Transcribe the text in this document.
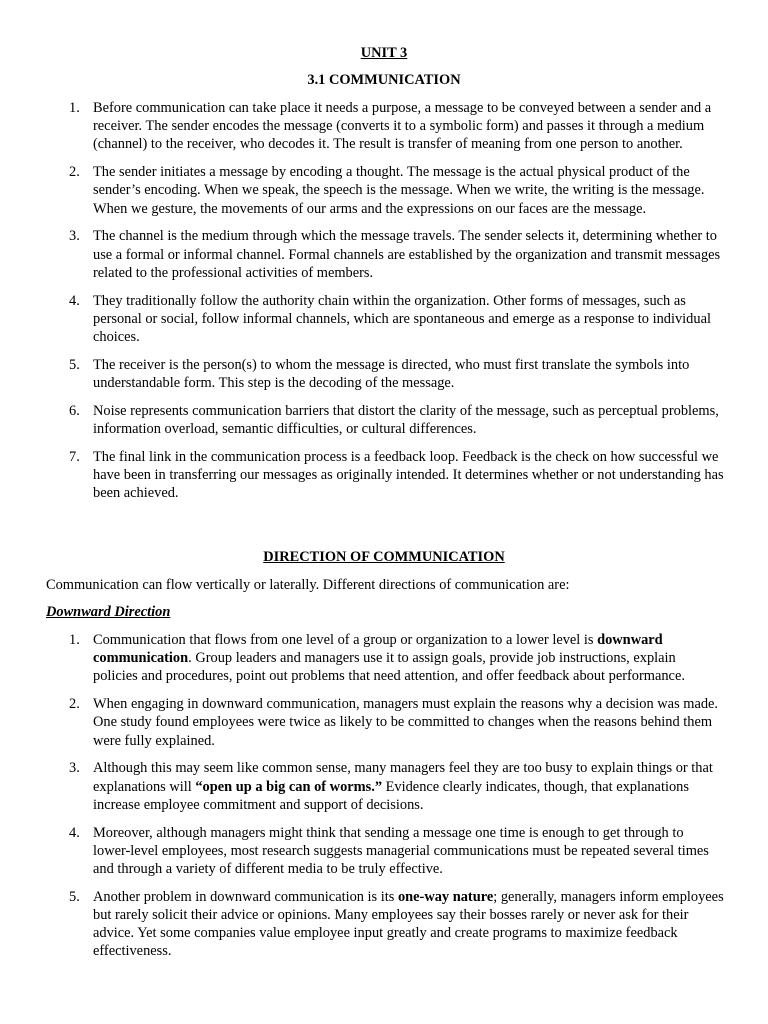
UNIT 3

3.1 COMMUNICATION

1. Before communication can take place it needs a purpose, a message to be conveyed between a sender and a receiver. The sender encodes the message (converts it to a symbolic form) and passes it through a medium (channel) to the receiver, who decodes it. The result is transfer of meaning from one person to another.
2. The sender initiates a message by encoding a thought. The message is the actual physical product of the sender’s encoding. When we speak, the speech is the message. When we write, the writing is the message. When we gesture, the movements of our arms and the expressions on our faces are the message.
3. The channel is the medium through which the message travels. The sender selects it, determining whether to use a formal or informal channel. Formal channels are established by the organization and transmit messages related to the professional activities of members.
4. They traditionally follow the authority chain within the organization. Other forms of messages, such as personal or social, follow informal channels, which are spontaneous and emerge as a response to individual choices.
5. The receiver is the person(s) to whom the message is directed, who must first translate the symbols into understandable form. This step is the decoding of the message.
6. Noise represents communication barriers that distort the clarity of the message, such as perceptual problems, information overload, semantic difficulties, or cultural differences.
7. The final link in the communication process is a feedback loop. Feedback is the check on how successful we have been in transferring our messages as originally intended. It determines whether or not understanding has been achieved.

DIRECTION OF COMMUNICATION

Communication can flow vertically or laterally. Different directions of communication are:

Downward Direction

1. Communication that flows from one level of a group or organization to a lower level is downward communication. Group leaders and managers use it to assign goals, provide job instructions, explain policies and procedures, point out problems that need attention, and offer feedback about performance.
2. When engaging in downward communication, managers must explain the reasons why a decision was made. One study found employees were twice as likely to be committed to changes when the reasons behind them were fully explained.
3. Although this may seem like common sense, many managers feel they are too busy to explain things or that explanations will “open up a big can of worms.” Evidence clearly indicates, though, that explanations increase employee commitment and support of decisions.
4. Moreover, although managers might think that sending a message one time is enough to get through to lower-level employees, most research suggests managerial communications must be repeated several times and through a variety of different media to be truly effective.
5. Another problem in downward communication is its one-way nature; generally, managers inform employees but rarely solicit their advice or opinions. Many employees say their bosses rarely or never ask for their advice. Yet some companies value employee input greatly and create programs to maximize feedback effectiveness.
